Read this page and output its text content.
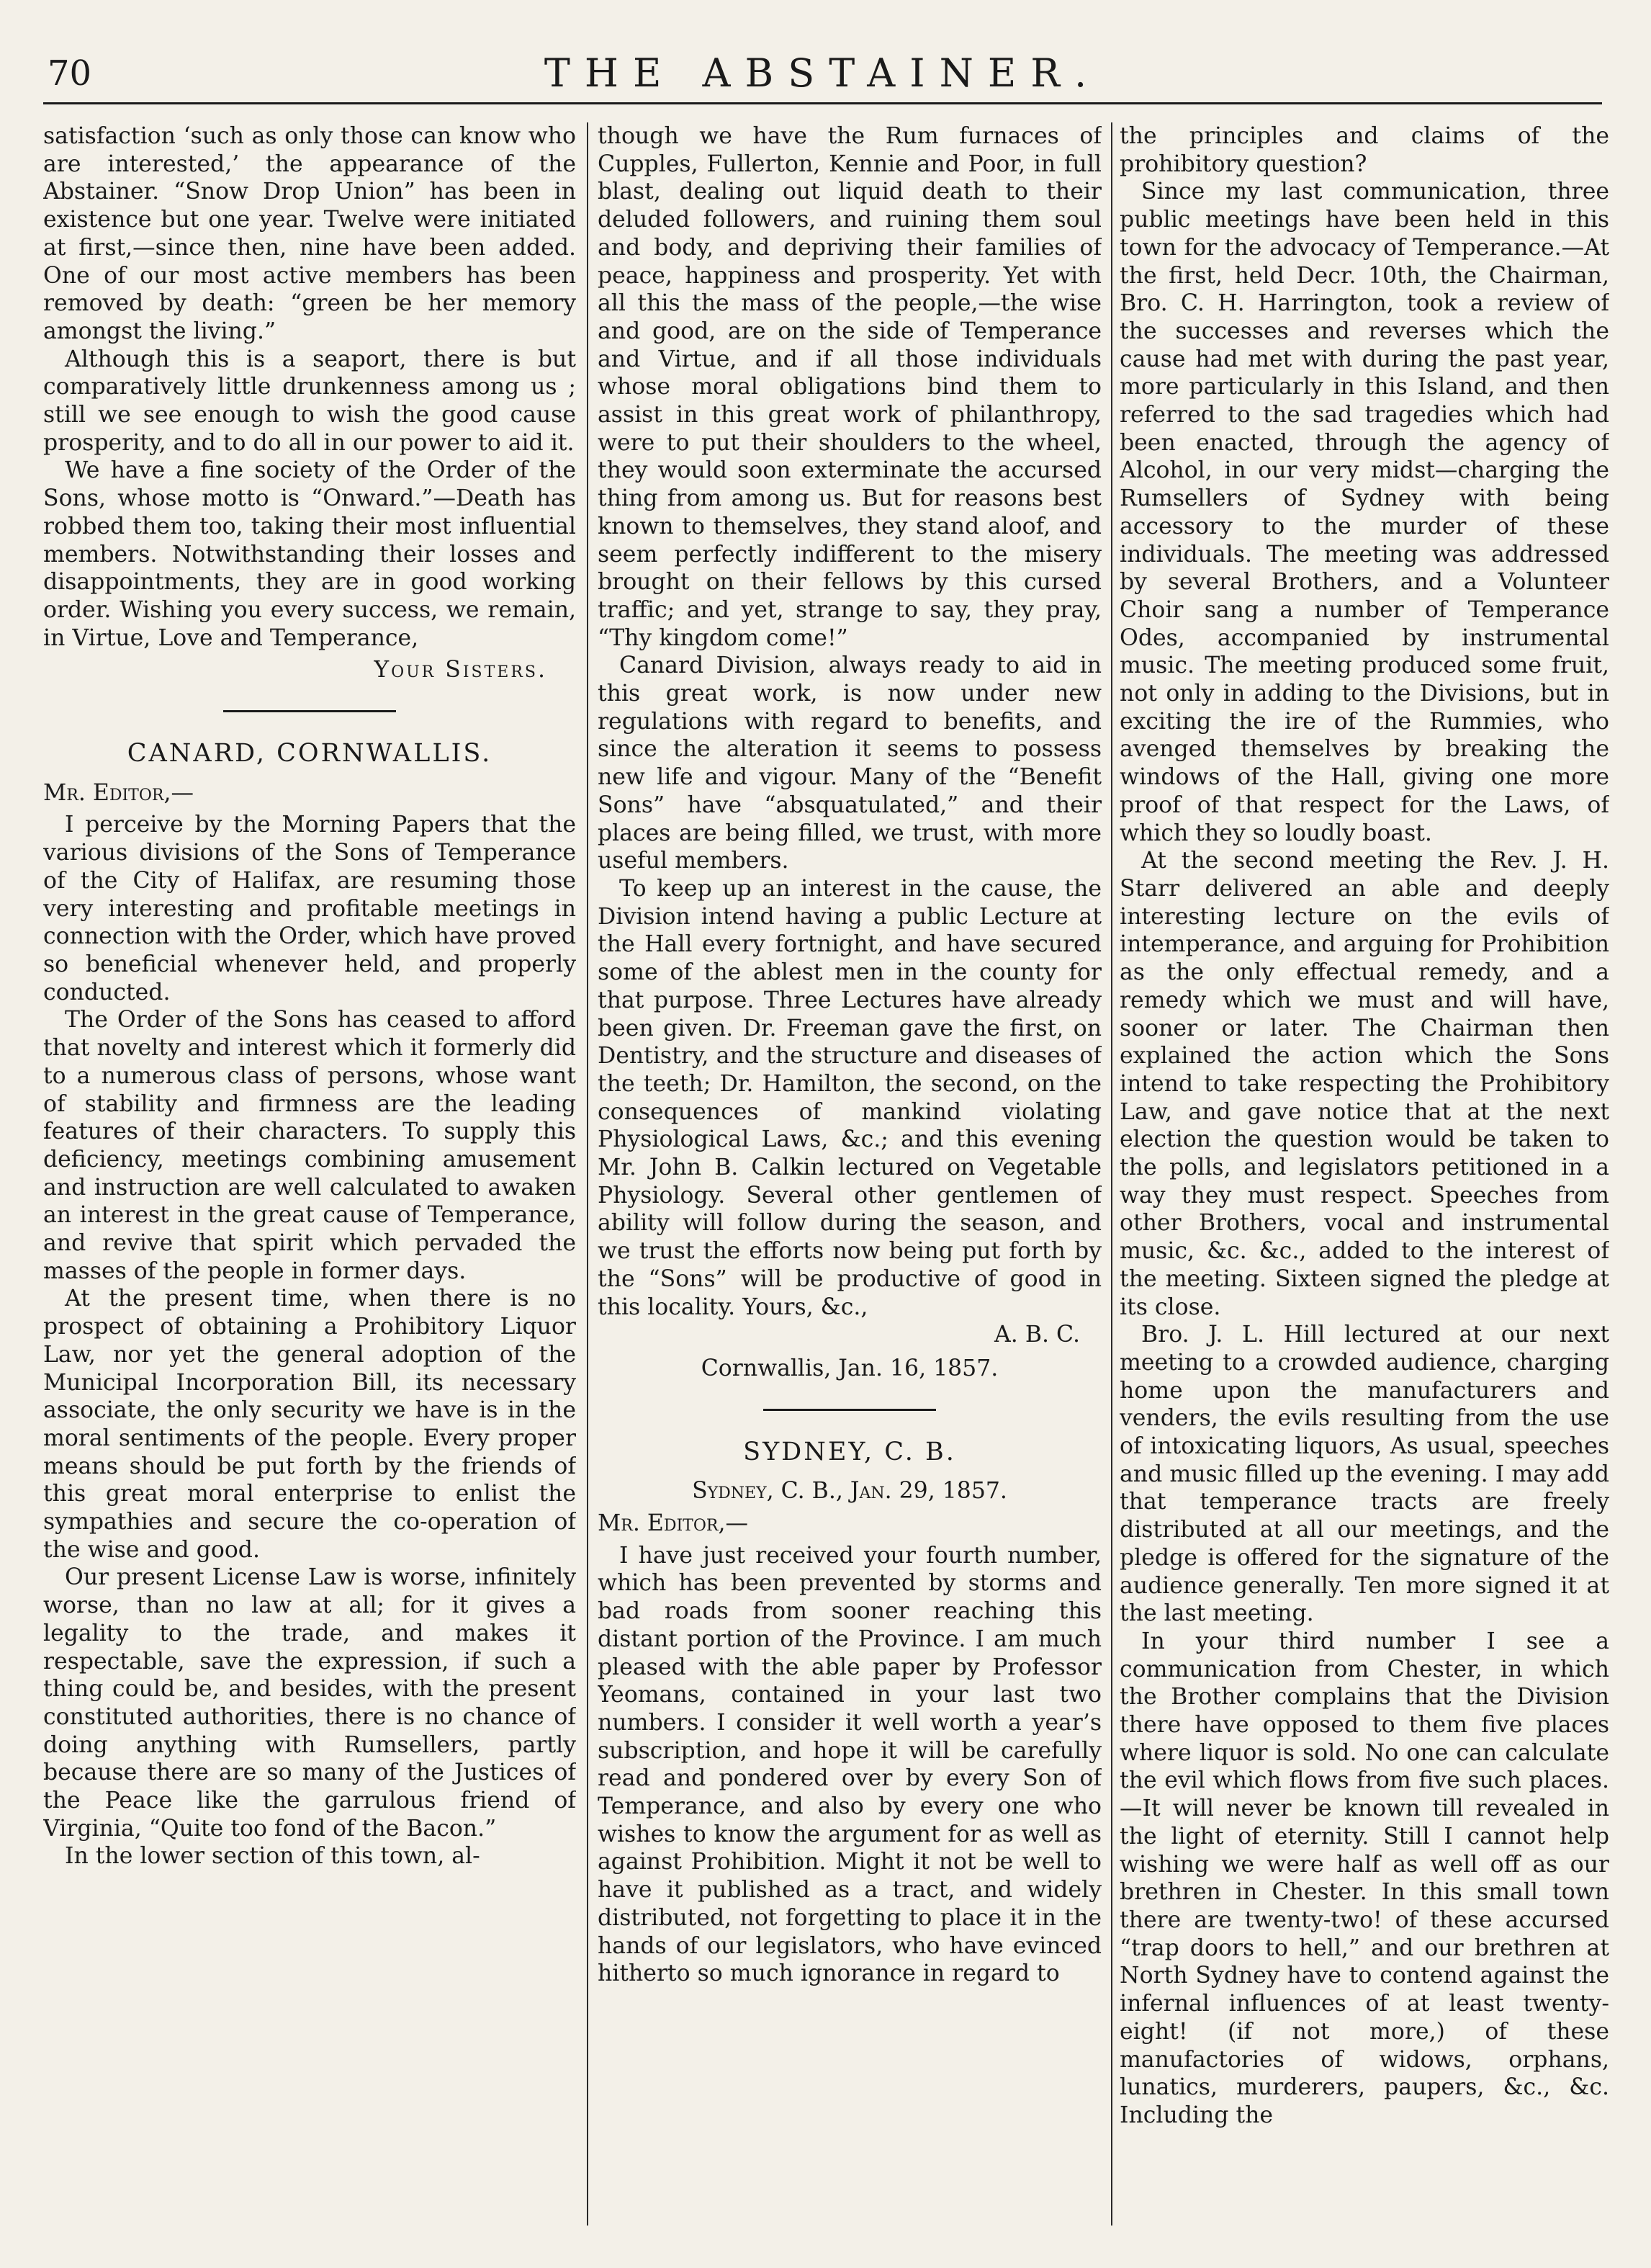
70	THE ABSTAINER.

satisfaction ‘such as only those can know who are interested,’ the appearance of the Abstainer. “Snow Drop Union” has been in existence but one year. Twelve were initiated at first,—since then, nine have been added. One of our most active members has been removed by death: “green be her memory amongst the living.”

Although this is a seaport, there is but comparatively little drunkenness among us ; still we see enough to wish the good cause prosperity, and to do all in our power to aid it.

We have a fine society of the Order of the Sons, whose motto is “Onward.”—Death has robbed them too, taking their most influential members. Notwithstanding their losses and disappointments, they are in good working order. Wishing you every success, we remain, in Virtue, Love and Temperance,

Your Sisters.
CANARD, CORNWALLIS.
Mr. Editor,—

I perceive by the Morning Papers that the various divisions of the Sons of Temperance of the City of Halifax, are resuming those very interesting and profitable meetings in connection with the Order, which have proved so beneficial whenever held, and properly conducted.

The Order of the Sons has ceased to afford that novelty and interest which it formerly did to a numerous class of persons, whose want of stability and firmness are the leading features of their characters. To supply this deficiency, meetings combining amusement and instruction are well calculated to awaken an interest in the great cause of Temperance, and revive that spirit which pervaded the masses of the people in former days.

At the present time, when there is no prospect of obtaining a Prohibitory Liquor Law, nor yet the general adoption of the Municipal Incorporation Bill, its necessary associate, the only security we have is in the moral sentiments of the people. Every proper means should be put forth by the friends of this great moral enterprise to enlist the sympathies and secure the co-operation of the wise and good.

Our present License Law is worse, infinitely worse, than no law at all; for it gives a legality to the trade, and makes it respectable, save the expression, if such a thing could be, and besides, with the present constituted authorities, there is no chance of doing anything with Rumsellers, partly because there are so many of the Justices of the Peace like the garrulous friend of Virginia, “Quite too fond of the Bacon.”

In the lower section of this town, al-

though we have the Rum furnaces of Cupples, Fullerton, Kennie and Poor, in full blast, dealing out liquid death to their deluded followers, and ruining them soul and body, and depriving their families of peace, happiness and prosperity. Yet with all this the mass of the people,—the wise and good, are on the side of Temperance and Virtue, and if all those individuals whose moral obligations bind them to assist in this great work of philanthropy, were to put their shoulders to the wheel, they would soon exterminate the accursed thing from among us. But for reasons best known to themselves, they stand aloof, and seem perfectly indifferent to the misery brought on their fellows by this cursed traffic; and yet, strange to say, they pray, “Thy kingdom come!”

Canard Division, always ready to aid in this great work, is now under new regulations with regard to benefits, and since the alteration it seems to possess new life and vigour. Many of the “Benefit Sons” have “absquatulated,” and their places are being filled, we trust, with more useful members.

To keep up an interest in the cause, the Division intend having a public Lecture at the Hall every fortnight, and have secured some of the ablest men in the county for that purpose. Three Lectures have already been given. Dr. Freeman gave the first, on Dentistry, and the structure and diseases of the teeth; Dr. Hamilton, the second, on the consequences of mankind violating Physiological Laws, &c.; and this evening Mr. John B. Calkin lectured on Vegetable Physiology. Several other gentlemen of ability will follow during the season, and we trust the efforts now being put forth by the “Sons” will be productive of good in this locality. Yours, &c.,

A. B. C.
Cornwallis, Jan. 16, 1857.
SYDNEY, C. B.
Sydney, C. B., Jan. 29, 1857.
Mr. Editor,—

I have just received your fourth number, which has been prevented by storms and bad roads from sooner reaching this distant portion of the Province. I am much pleased with the able paper by Professor Yeomans, contained in your last two numbers. I consider it well worth a year’s subscription, and hope it will be carefully read and pondered over by every Son of Temperance, and also by every one who wishes to know the argument for as well as against Prohibition. Might it not be well to have it published as a tract, and widely distributed, not forgetting to place it in the hands of our legislators, who have evinced hitherto so much ignorance in regard to

the principles and claims of the prohibitory question?

Since my last communication, three public meetings have been held in this town for the advocacy of Temperance.—At the first, held Decr. 10th, the Chairman, Bro. C. H. Harrington, took a review of the successes and reverses which the cause had met with during the past year, more particularly in this Island, and then referred to the sad tragedies which had been enacted, through the agency of Alcohol, in our very midst—charging the Rumsellers of Sydney with being accessory to the murder of these individuals. The meeting was addressed by several Brothers, and a Volunteer Choir sang a number of Temperance Odes, accompanied by instrumental music. The meeting produced some fruit, not only in adding to the Divisions, but in exciting the ire of the Rummies, who avenged themselves by breaking the windows of the Hall, giving one more proof of that respect for the Laws, of which they so loudly boast.

At the second meeting the Rev. J. H. Starr delivered an able and deeply interesting lecture on the evils of intemperance, and arguing for Prohibition as the only effectual remedy, and a remedy which we must and will have, sooner or later. The Chairman then explained the action which the Sons intend to take respecting the Prohibitory Law, and gave notice that at the next election the question would be taken to the polls, and legislators petitioned in a way they must respect. Speeches from other Brothers, vocal and instrumental music, &c. &c., added to the interest of the meeting. Sixteen signed the pledge at its close.

Bro. J. L. Hill lectured at our next meeting to a crowded audience, charging home upon the manufacturers and venders, the evils resulting from the use of intoxicating liquors, As usual, speeches and music filled up the evening. I may add that temperance tracts are freely distributed at all our meetings, and the pledge is offered for the signature of the audience generally. Ten more signed it at the last meeting.

In your third number I see a communication from Chester, in which the Brother complains that the Division there have opposed to them five places where liquor is sold. No one can calculate the evil which flows from five such places.—It will never be known till revealed in the light of eternity. Still I cannot help wishing we were half as well off as our brethren in Chester. In this small town there are twenty-two! of these accursed “trap doors to hell,” and our brethren at North Sydney have to contend against the infernal influences of at least twenty-eight! (if not more,) of these manufactories of widows, orphans, lunatics, murderers, paupers, &c., &c. Including the
